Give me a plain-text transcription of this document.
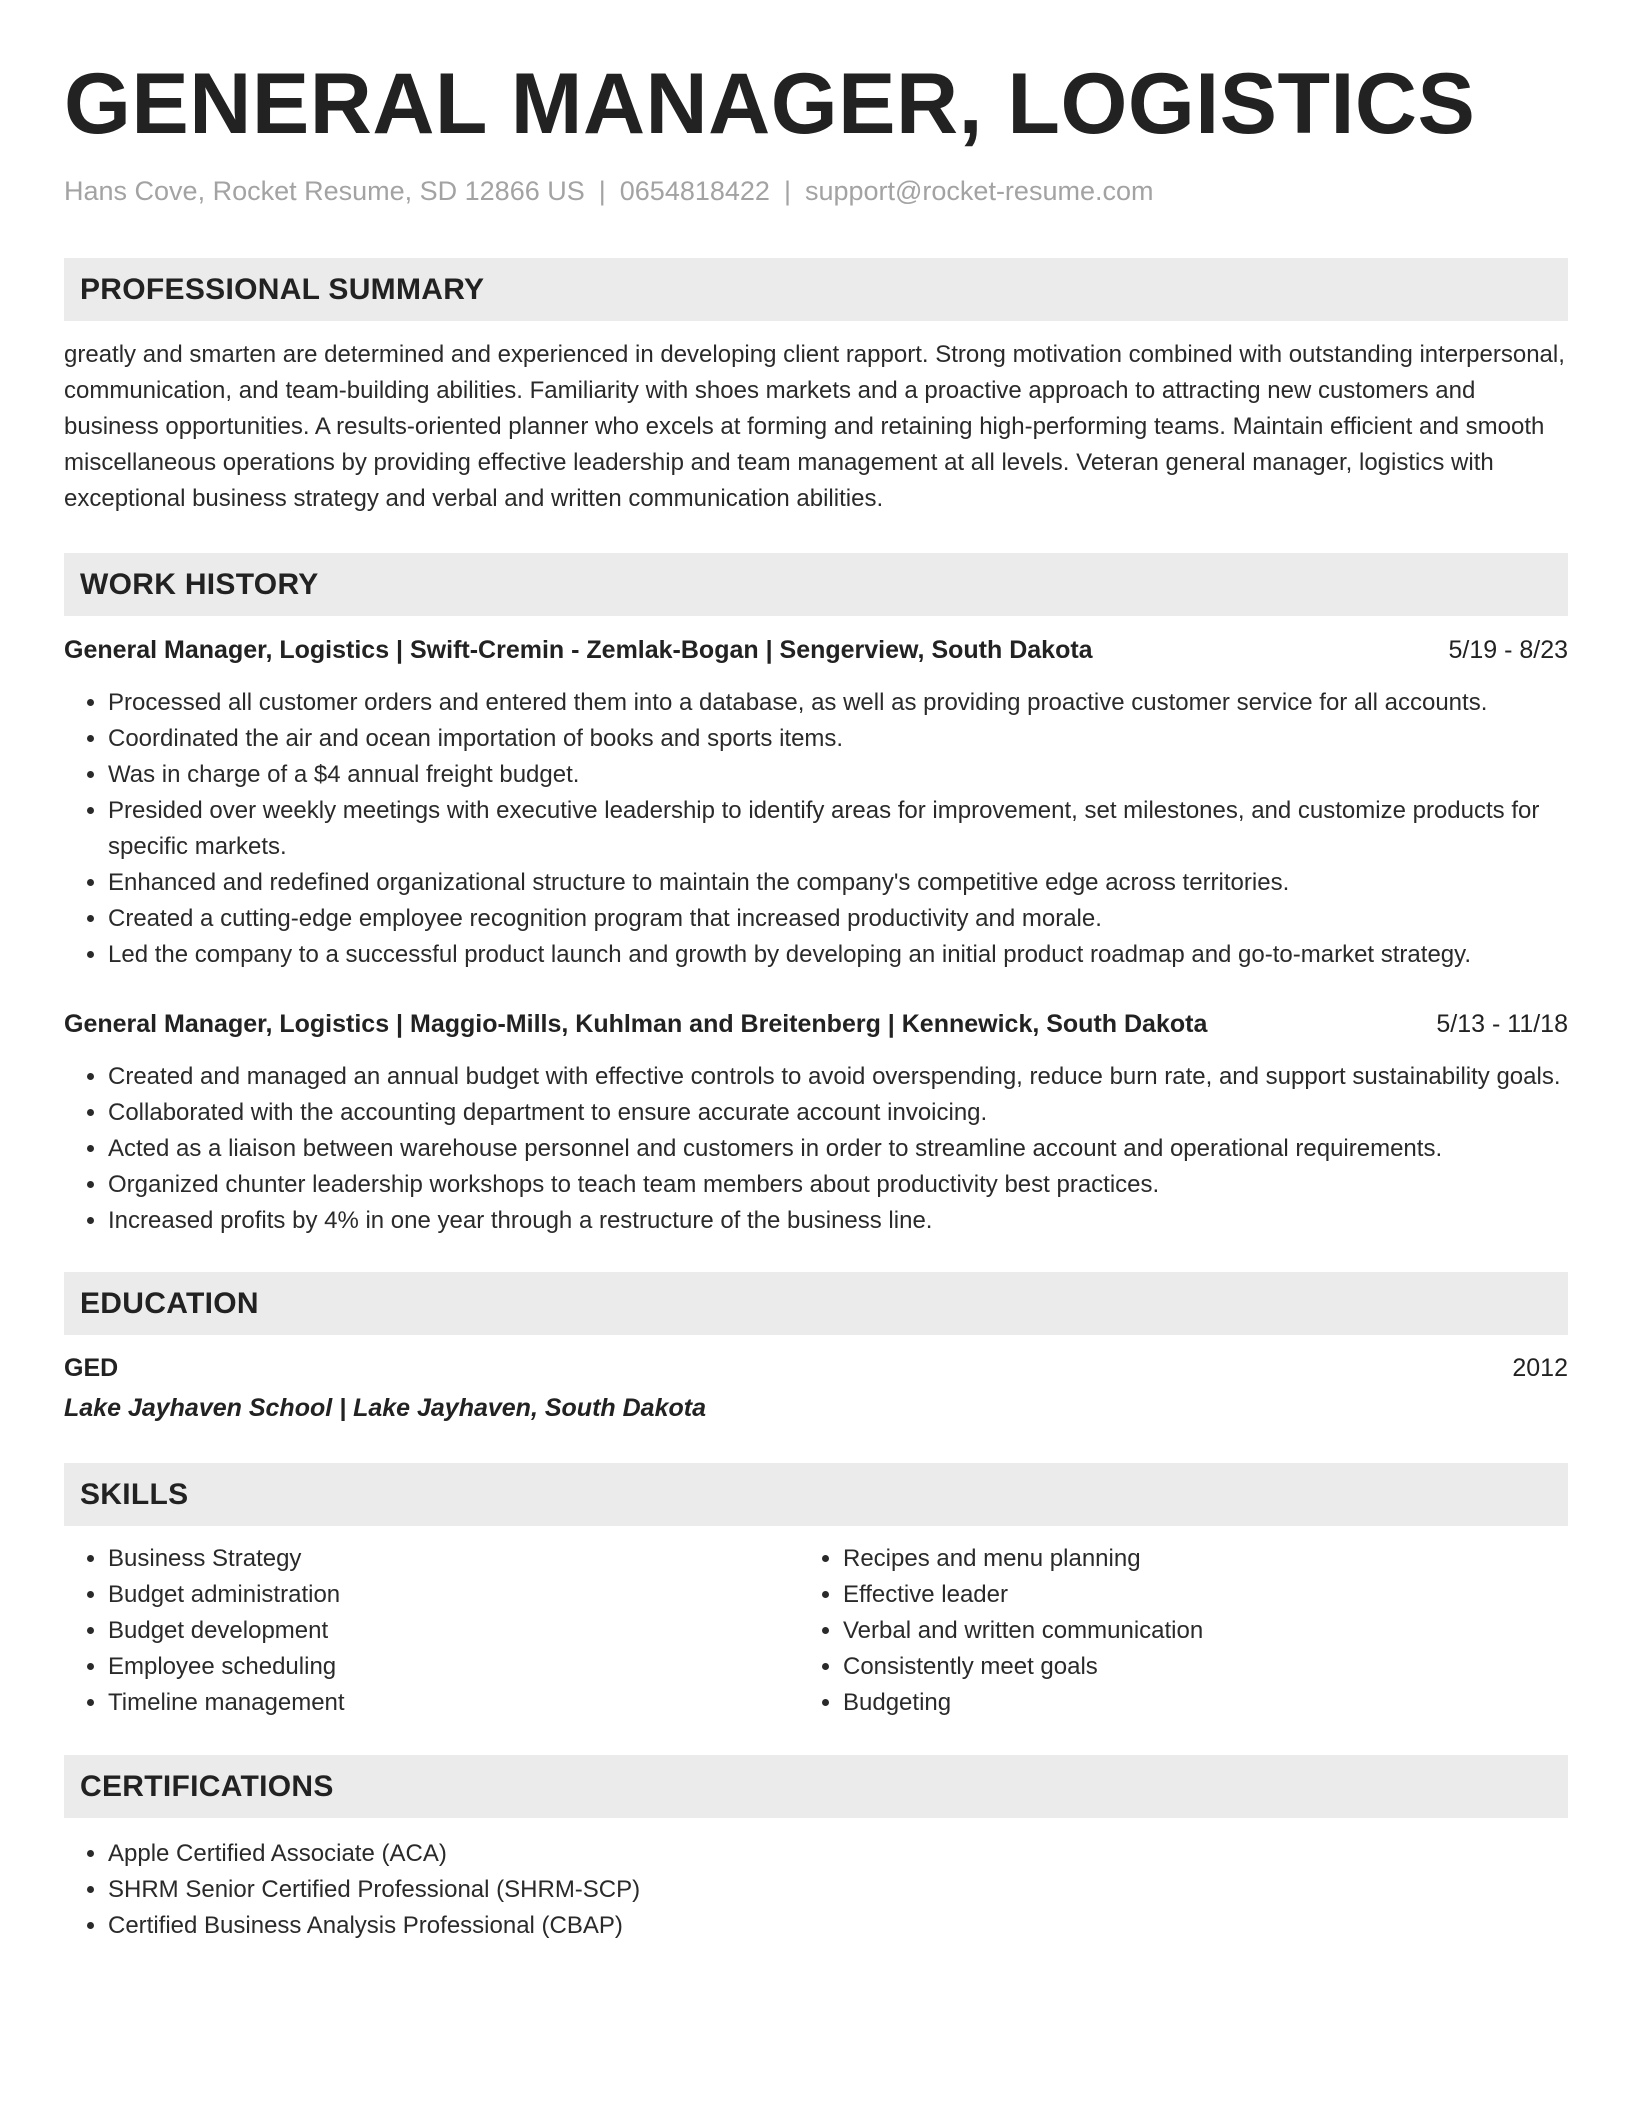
GENERAL MANAGER, LOGISTICS
Hans Cove, Rocket Resume, SD 12866 US | 0654818422 | support@rocket-resume.com
PROFESSIONAL SUMMARY
greatly and smarten are determined and experienced in developing client rapport. Strong motivation combined with outstanding interpersonal, communication, and team-building abilities. Familiarity with shoes markets and a proactive approach to attracting new customers and business opportunities. A results-oriented planner who excels at forming and retaining high-performing teams. Maintain efficient and smooth miscellaneous operations by providing effective leadership and team management at all levels. Veteran general manager, logistics with exceptional business strategy and verbal and written communication abilities.
WORK HISTORY
General Manager, Logistics | Swift-Cremin - Zemlak-Bogan | Sengerview, South Dakota	5/19 - 8/23
• Processed all customer orders and entered them into a database, as well as providing proactive customer service for all accounts.
• Coordinated the air and ocean importation of books and sports items.
• Was in charge of a $4 annual freight budget.
• Presided over weekly meetings with executive leadership to identify areas for improvement, set milestones, and customize products for specific markets.
• Enhanced and redefined organizational structure to maintain the company's competitive edge across territories.
• Created a cutting-edge employee recognition program that increased productivity and morale.
• Led the company to a successful product launch and growth by developing an initial product roadmap and go-to-market strategy.
General Manager, Logistics | Maggio-Mills, Kuhlman and Breitenberg | Kennewick, South Dakota	5/13 - 11/18
• Created and managed an annual budget with effective controls to avoid overspending, reduce burn rate, and support sustainability goals.
• Collaborated with the accounting department to ensure accurate account invoicing.
• Acted as a liaison between warehouse personnel and customers in order to streamline account and operational requirements.
• Organized chunter leadership workshops to teach team members about productivity best practices.
• Increased profits by 4% in one year through a restructure of the business line.
EDUCATION
GED	2012
Lake Jayhaven School | Lake Jayhaven, South Dakota
SKILLS
• Business Strategy
• Budget administration
• Budget development
• Employee scheduling
• Timeline management
• Recipes and menu planning
• Effective leader
• Verbal and written communication
• Consistently meet goals
• Budgeting
CERTIFICATIONS
• Apple Certified Associate (ACA)
• SHRM Senior Certified Professional (SHRM-SCP)
• Certified Business Analysis Professional (CBAP)
